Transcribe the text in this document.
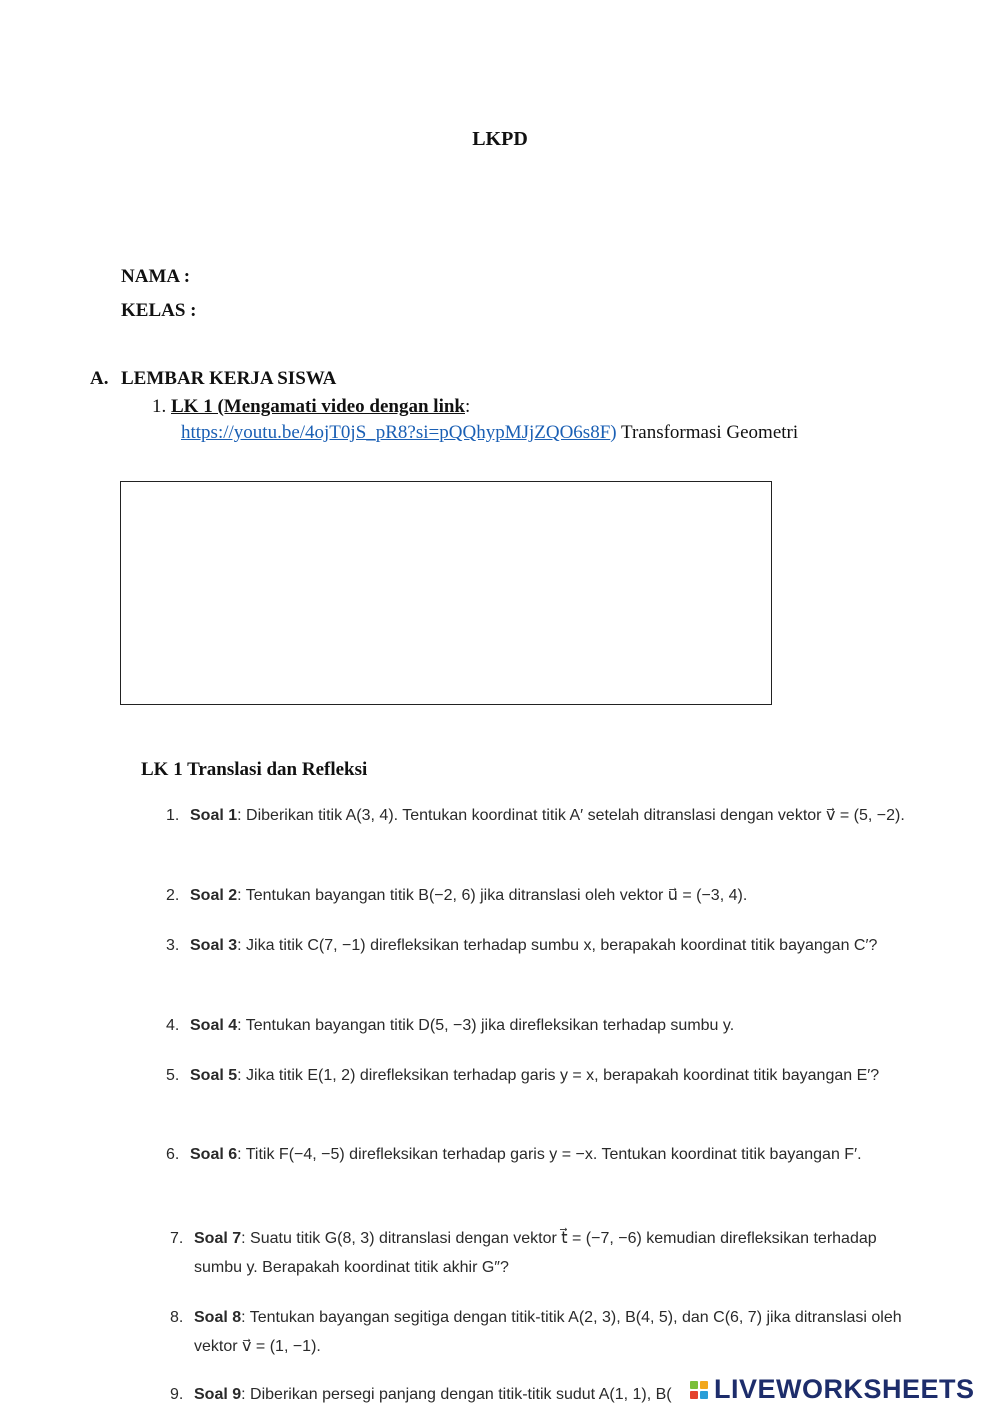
LKPD
NAMA :
KELAS :
A. LEMBAR KERJA SISWA
1. LK 1 (Mengamati video dengan link:
https://youtu.be/4ojT0jS_pR8?si=pQQhypMJjZQO6s8F) Transformasi Geometri
LK 1 Translasi dan Refleksi
1. Soal 1: Diberikan titik A(3, 4). Tentukan koordinat titik A′ setelah ditranslasi dengan vektor v⃗ = (5, −2).
2. Soal 2: Tentukan bayangan titik B(−2, 6) jika ditranslasi oleh vektor u⃗ = (−3, 4).
3. Soal 3: Jika titik C(7, −1) direfleksikan terhadap sumbu x, berapakah koordinat titik bayangan C′?
4. Soal 4: Tentukan bayangan titik D(5, −3) jika direfleksikan terhadap sumbu y.
5. Soal 5: Jika titik E(1, 2) direfleksikan terhadap garis y = x, berapakah koordinat titik bayangan E′?
6. Soal 6: Titik F(−4, −5) direfleksikan terhadap garis y = −x. Tentukan koordinat titik bayangan F′.
7. Soal 7: Suatu titik G(8, 3) ditranslasi dengan vektor t⃗ = (−7, −6) kemudian direfleksikan terhadap sumbu y. Berapakah koordinat titik akhir G″?
8. Soal 8: Tentukan bayangan segitiga dengan titik-titik A(2, 3), B(4, 5), dan C(6, 7) jika ditranslasi oleh vektor v⃗ = (1, −1).
9. Soal 9: Diberikan persegi panjang dengan titik-titik sudut A(1, 1), B(	LIVEWORKSHEETS
